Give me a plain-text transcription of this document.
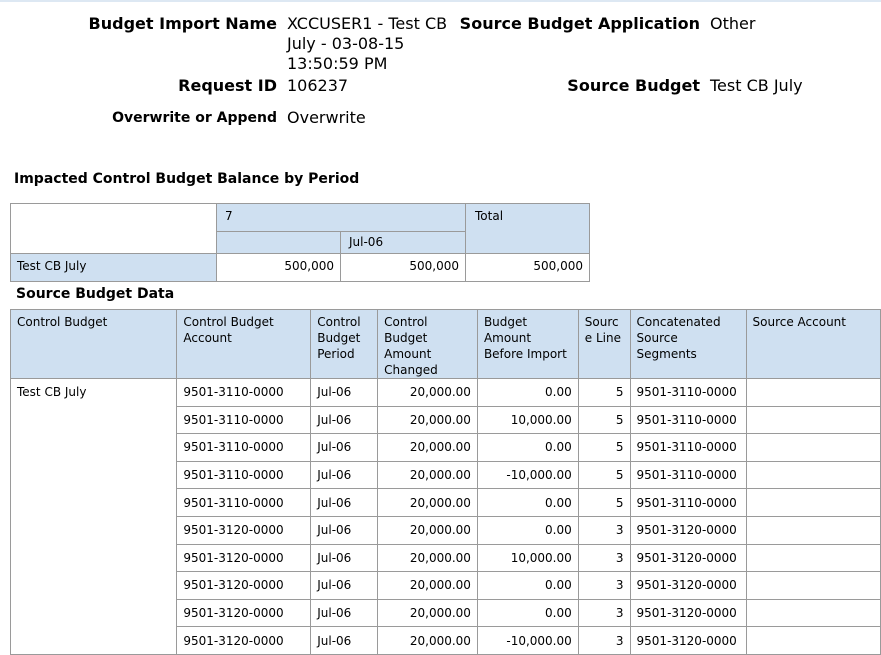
Budget Import Name XCCUSER1 - Test CB
July - 03-08-15
13:50:59 PM
Request ID 106237
Overwrite or Append Overwrite
Source Budget Application Other
Source Budget Test CB July
Impacted Control Budget Balance by Period
7
Jul-06
Total
Test CB July	500,000	500,000	500,000
Source Budget Data
Control Budget	Control Budget Account	Control Budget Period	Control Budget Amount Changed	Budget Amount Before Import	Source Line	Concatenated Source Segments	Source Account
Test CB July	9501-3110-0000	Jul-06	20,000.00	0.00	5	9501-3110-0000	
	9501-3110-0000	Jul-06	20,000.00	10,000.00	5	9501-3110-0000	
	9501-3110-0000	Jul-06	20,000.00	0.00	5	9501-3110-0000	
	9501-3110-0000	Jul-06	20,000.00	-10,000.00	5	9501-3110-0000	
	9501-3110-0000	Jul-06	20,000.00	0.00	5	9501-3110-0000	
	9501-3120-0000	Jul-06	20,000.00	0.00	3	9501-3120-0000	
	9501-3120-0000	Jul-06	20,000.00	10,000.00	3	9501-3120-0000	
	9501-3120-0000	Jul-06	20,000.00	0.00	3	9501-3120-0000	
	9501-3120-0000	Jul-06	20,000.00	0.00	3	9501-3120-0000	
	9501-3120-0000	Jul-06	20,000.00	-10,000.00	3	9501-3120-0000	
